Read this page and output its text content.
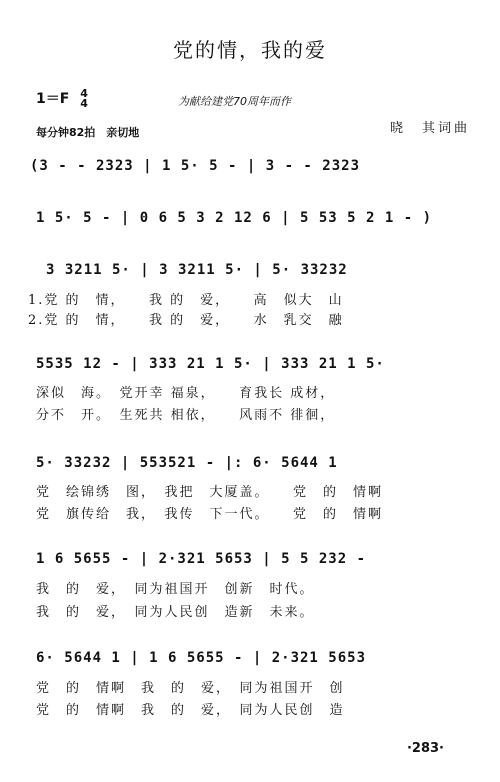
党的情，我的爱
1＝F 4
4	为献给建党70周年而作
晓　其词曲
每分钟82拍　亲切地
(3 - - 2323 | 1 5· 5 - | 3 - - 2323
1 5· 5 - | 0 6 5 3 2 12 6 | 5 53 5 2 1 - )
3 3211 5· | 3 3211 5· | 5· 33232
1.党 的　情，　　我 的　爱，　　高　似大　山
2.党 的　情，　　我 的　爱，　　水　乳交　融
5535 12 - | 333 21 1 5· | 333 21 1 5·
深似　海。　党开幸 福泉，　　育我长 成材，
分不　开。　生死共 相依，　　风雨不 徘徊，
5· 33232 | 553521 - |: 6· 5644 1
党　绘锦绣　图，　我把　大厦盖。　　党　的　情啊
党　旗传给　我，　我传　下一代。　　党　的　情啊
1 6 5655 - | 2·321 5653 | 5 5 232 -
我　的　爱，　同为祖国开　创新　时代。
我　的　爱，　同为人民创　造新　未来。
6· 5644 1 | 1 6 5655 - | 2·321 5653
党　的　情啊　我　的　爱，　同为祖国开　创
党　的　情啊　我　的　爱，　同为人民创　造
·283·
